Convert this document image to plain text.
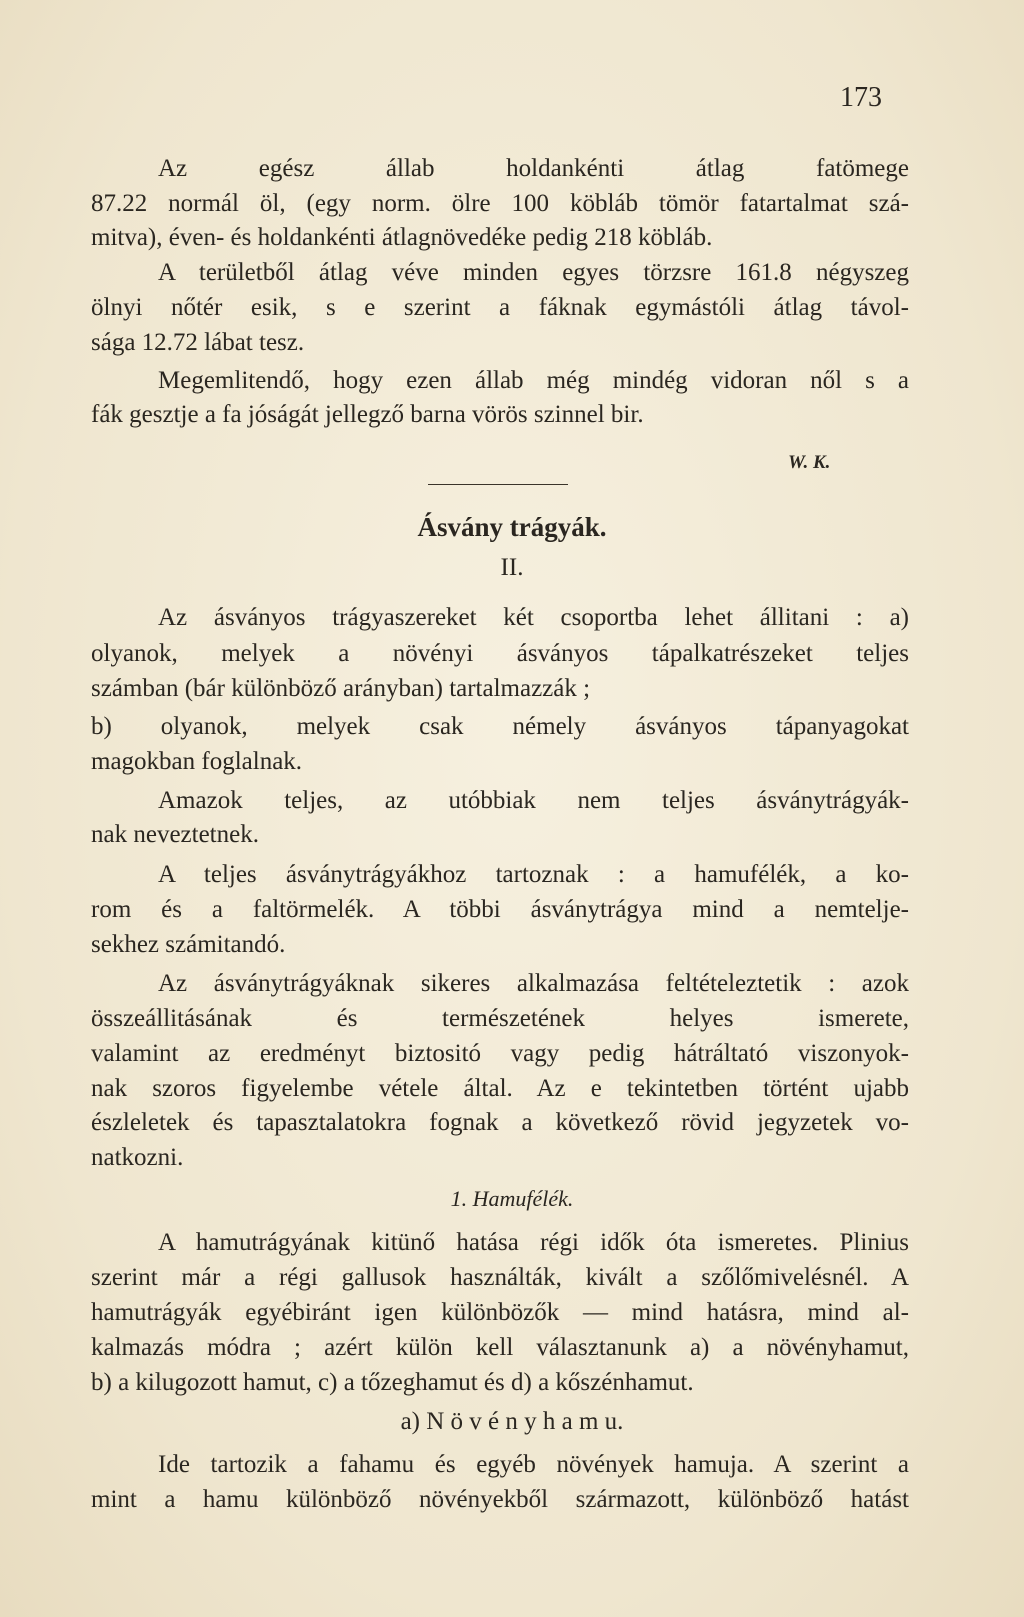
173
Az egész állab holdankénti átlag fatömege
87.22 normál öl, (egy norm. ölre 100 köbláb tömör fatartalmat szá-
mitva), éven- és holdankénti átlagnövedéke pedig 218 köbláb.
A területből átlag véve minden egyes törzsre 161.8 négyszeg
ölnyi nőtér esik, s e szerint a fáknak egymástóli átlag távol-
sága 12.72 lábat tesz.
Megemlitendő, hogy ezen állab még mindég vidoran nől s a
fák gesztje a fa jóságát jellegző barna vörös szinnel bir.
W. K.
Ásvány trágyák.
II.
Az ásványos trágyaszereket két csoportba lehet állitani : a)
olyanok, melyek a növényi ásványos tápalkatrészeket teljes
számban (bár különböző arányban) tartalmazzák ;
b) olyanok, melyek csak némely ásványos tápanyagokat
magokban foglalnak.
Amazok teljes, az utóbbiak nem teljes ásványtrágyák-
nak neveztetnek.
A teljes ásványtrágyákhoz tartoznak : a hamufélék, a ko-
rom és a faltörmelék. A többi ásványtrágya mind a nemtelje-
sekhez számitandó.
Az ásványtrágyáknak sikeres alkalmazása feltételeztetik : azok
összeállitásának és természetének helyes ismerete,
valamint az eredményt biztositó vagy pedig hátráltató viszonyok-
nak szoros figyelembe vétele által. Az e tekintetben történt ujabb
észleletek és tapasztalatokra fognak a következő rövid jegyzetek vo-
natkozni.
1. Hamufélék.
A hamutrágyának kitünő hatása régi idők óta ismeretes. Plinius
szerint már a régi gallusok használták, kivált a szőlőmivelésnél. A
hamutrágyák egyébiránt igen különbözők — mind hatásra, mind al-
kalmazás módra ; azért külön kell választanunk a) a növényhamut,
b) a kilugozott hamut, c) a tőzeghamut és d) a kőszénhamut.
a) N ö v é n y h a m u.
Ide tartozik a fahamu és egyéb növények hamuja. A szerint a
mint a hamu különböző növényekből származott, különböző hatást
